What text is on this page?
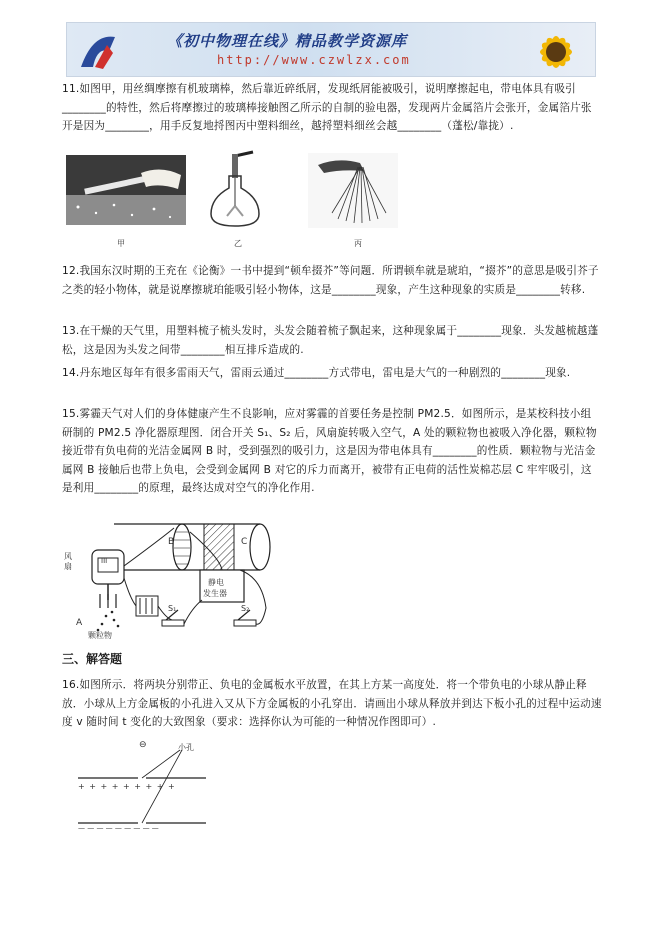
《初中物理在线》精品教学资源库
http://www.czwlzx.com
11.如图甲，用丝绸摩擦有机玻璃棒，然后靠近碎纸屑，发现纸屑能被吸引，说明摩擦起电，带电体具有吸引________的特性，然后将摩擦过的玻璃棒接触图乙所示的自制的验电器，发现两片金属箔片会张开，金属箔片张开是因为________，用手反复地捋图丙中塑料细丝，越捋塑料细丝会越________（蓬松/靠拢）.
甲	乙	丙
12.我国东汉时期的王充在《论衡》一书中提到“顿牟掇芥”等问题．所谓顿牟就是琥珀，“掇芥”的意思是吸引芥子之类的轻小物体，就是说摩擦琥珀能吸引轻小物体，这是________现象，产生这种现象的实质是________转移.
13.在干燥的天气里，用塑料梳子梳头发时，头发会随着梳子飘起来，这种现象属于________现象．头发越梳越蓬松，这是因为头发之间带________相互排斥造成的.
14.丹东地区每年有很多雷雨天气，雷雨云通过________方式带电，雷电是大气的一种剧烈的________现象.
15.雾霾天气对人们的身体健康产生不良影响，应对雾霾的首要任务是控制 PM2.5．如图所示，是某校科技小组研制的 PM2.5 净化器原理图．闭合开关 S₁、S₂ 后，风扇旋转吸入空气，A 处的颗粒物也被吸入净化器，颗粒物接近带有负电荷的光洁金属网 B 时，受到强烈的吸引力，这是因为带电体具有________的性质．颗粒物与光洁金属网 B 接触后也带上负电，会受到金属网 B 对它的斥力而离开，被带有正电荷的活性炭棉芯层 C 牢牢吸引，这是利用________的原理，最终达成对空气的净化作用.
风扇
III
B	C
静电
发生器
S₁	S₂
A
颗粒物
三、解答题
16.如图所示．将两块分别带正、负电的金属板水平放置，在其上方某一高度处．将一个带负电的小球从静止释放．小球从上方金属板的小孔进入又从下方金属板的小孔穿出．请画出小球从释放并到达下板小孔的过程中运动速度 v 随时间 t 变化的大致图象（要求：选择你认为可能的一种情况作图即可）.
⊖	小孔
+ + + + + + + + +
— — — — — — — — —
